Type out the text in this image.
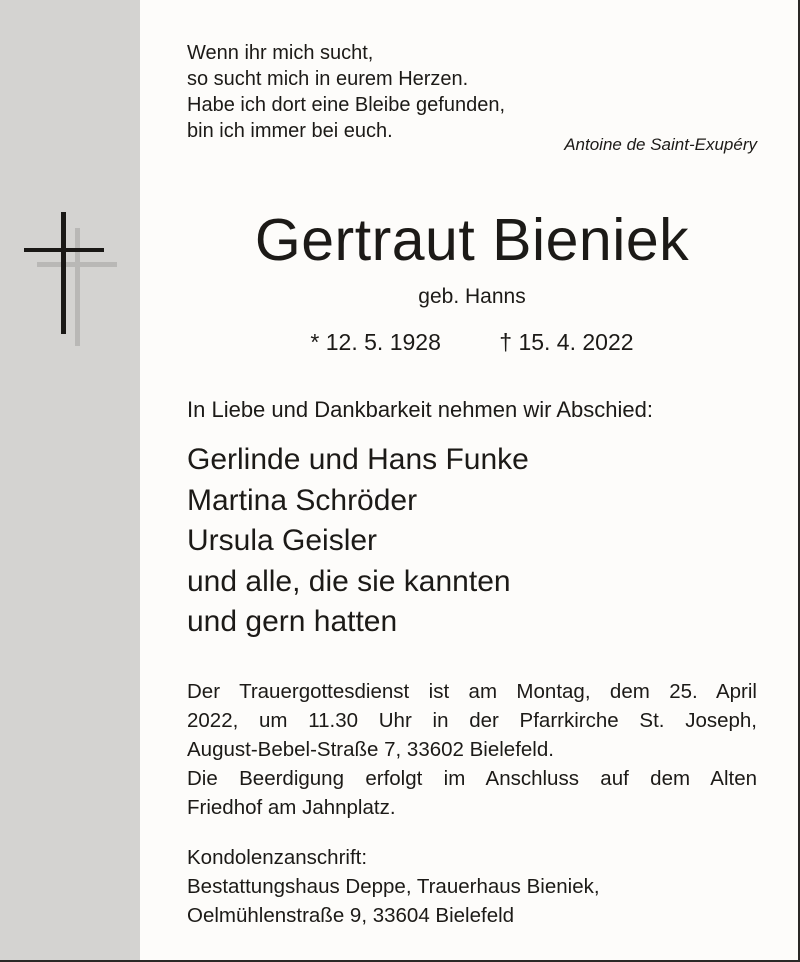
Wenn ihr mich sucht,
so sucht mich in eurem Herzen.
Habe ich dort eine Bleibe gefunden,
bin ich immer bei euch.
Antoine de Saint-Exupéry
Gertraut Bieniek
geb. Hanns
* 12. 5. 1928	† 15. 4. 2022
In Liebe und Dankbarkeit nehmen wir Abschied:
Gerlinde und Hans Funke
Martina Schröder
Ursula Geisler
und alle, die sie kannten
und gern hatten
Der Trauergottesdienst ist am Montag, dem 25. April
2022, um 11.30 Uhr in der Pfarrkirche St. Joseph,
August-Bebel-Straße 7, 33602 Bielefeld.
Die Beerdigung erfolgt im Anschluss auf dem Alten
Friedhof am Jahnplatz.
Kondolenzanschrift:
Bestattungshaus Deppe, Trauerhaus Bieniek,
Oelmühlenstraße 9, 33604 Bielefeld
